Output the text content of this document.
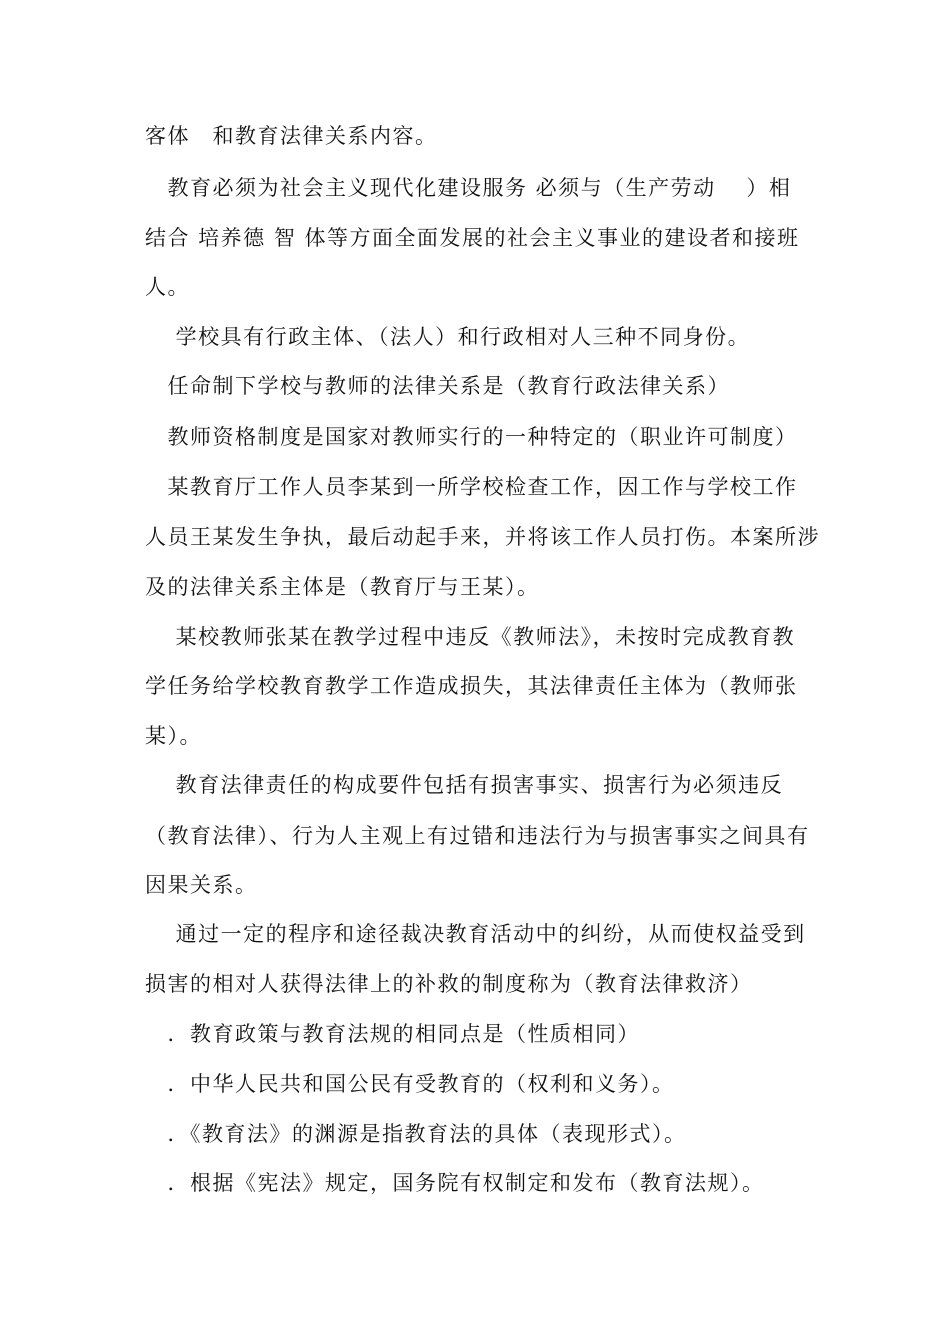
客体　和教育法律关系内容。
　教育必须为社会主义现代化建设服务 必须与（生产劳动　 ）相
结合 培养德 智 体等方面全面发展的社会主义事业的建设者和接班
人。
　 学校具有行政主体、（法人）和行政相对人三种不同身份。
　任命制下学校与教师的法律关系是（教育行政法律关系）
　教师资格制度是国家对教师实行的一种特定的（职业许可制度）
　某教育厅工作人员李某到一所学校检查工作，因工作与学校工作
人员王某发生争执，最后动起手来，并将该工作人员打伤。本案所涉
及的法律关系主体是（教育厅与王某）。
　 某校教师张某在教学过程中违反《教师法》，未按时完成教育教
学任务给学校教育教学工作造成损失，其法律责任主体为（教师张
某）。
　 教育法律责任的构成要件包括有损害事实、损害行为必须违反
（教育法律）、行为人主观上有过错和违法行为与损害事实之间具有
因果关系。
　 通过一定的程序和途径裁决教育活动中的纠纷，从而使权益受到
损害的相对人获得法律上的补救的制度称为（教育法律救济）
　．教育政策与教育法规的相同点是（性质相同）
　．中华人民共和国公民有受教育的（权利和义务）。
　．《教育法》的渊源是指教育法的具体（表现形式）。
　．根据《宪法》规定，国务院有权制定和发布（教育法规）。
